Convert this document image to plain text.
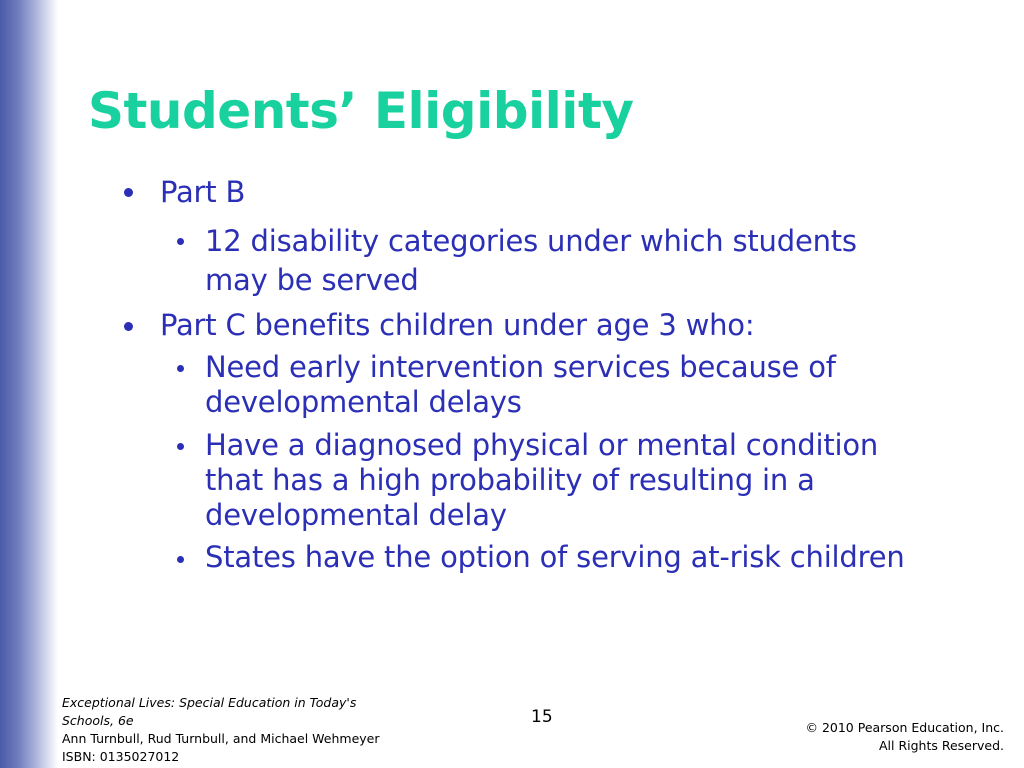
Students’ Eligibility
Part B
12 disability categories under which students
may be served
Part C benefits children under age 3 who:
Need early intervention services because of
developmental delays
Have a diagnosed physical or mental condition
that has a high probability of resulting in a
developmental delay
States have the option of serving at-risk children
Exceptional Lives: Special Education in Today's
Schools, 6e
Ann Turnbull, Rud Turnbull, and Michael Wehmeyer
ISBN: 0135027012
15
© 2010 Pearson Education, Inc.
All Rights Reserved.
